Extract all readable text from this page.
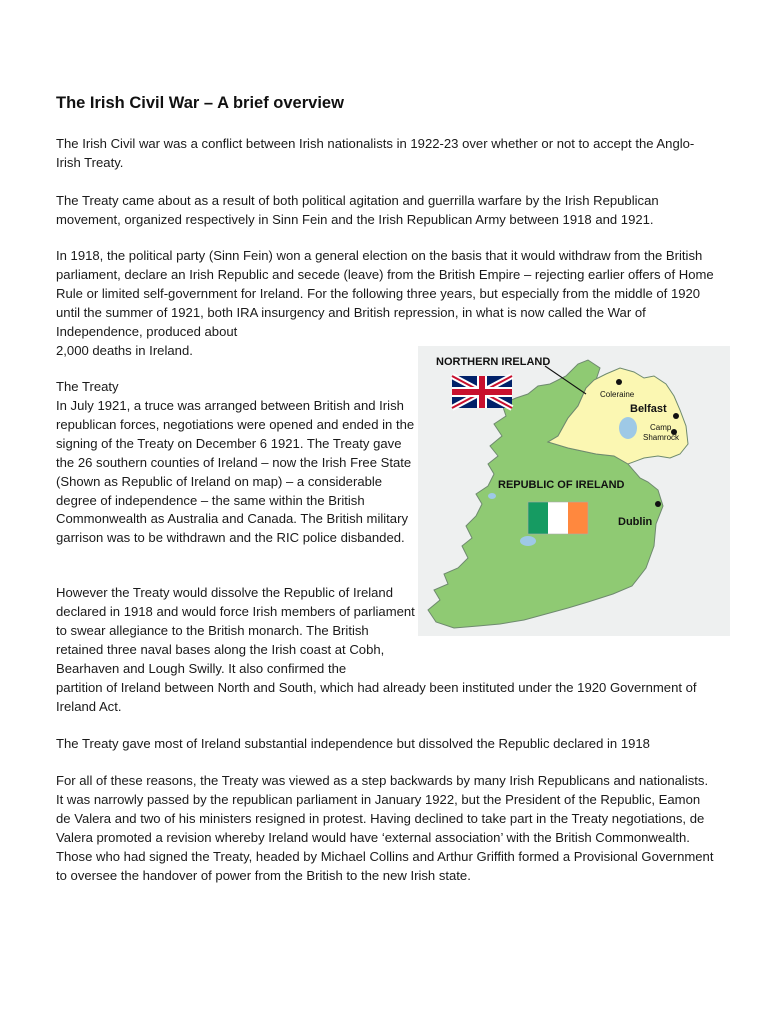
The Irish Civil War – A brief overview

The Irish Civil war was a conflict between Irish nationalists in 1922-23 over whether or not to accept the Anglo-Irish Treaty.

The Treaty came about as a result of both political agitation and guerrilla warfare by the Irish Republican movement, organized respectively in Sinn Fein and the Irish Republican Army between 1918 and 1921.

In 1918, the political party (Sinn Fein) won a general election on the basis that it would withdraw from the British parliament, declare an Irish Republic and secede (leave) from the British Empire – rejecting earlier offers of Home Rule or limited self-government for Ireland. For the following three years, but especially from the middle of 1920 until the summer of 1921, both IRA insurgency and British repression, in what is now called the War of Independence, produced about

2,000 deaths in Ireland.

The Treaty

In July 1921, a truce was arranged between British and Irish republican forces, negotiations were opened and ended in the signing of the Treaty on December 6 1921. The Treaty gave the 26 southern counties of Ireland – now the Irish Free State (Shown as Republic of Ireland on map) – a considerable degree of independence – the same within the British Commonwealth as Australia and Canada. The British military garrison was to be withdrawn and the RIC police disbanded.

However the Treaty would dissolve the Republic of Ireland declared in 1918 and would force Irish members of parliament to swear allegiance to the British monarch. The British retained three naval bases along the Irish coast at Cobh, Bearhaven and Lough Swilly. It also confirmed the

partition of Ireland between North and South, which had already been instituted under the 1920 Government of Ireland Act.

The Treaty gave most of Ireland substantial independence but dissolved the Republic declared in 1918

For all of these reasons, the Treaty was viewed as a step backwards by many Irish Republicans and nationalists. It was narrowly passed by the republican parliament in January 1922, but the President of the Republic, Eamon de Valera and two of his ministers resigned in protest. Having declined to take part in the Treaty negotiations, de Valera promoted a revision whereby Ireland would have ‘external association’ with the British Commonwealth. Those who had signed the Treaty, headed by Michael Collins and Arthur Griffith formed a Provisional Government to oversee the handover of power from the British to the new Irish state.

NORTHERN IRELAND
Coleraine
Belfast
Camp
Shamrock
REPUBLIC OF IRELAND
Dublin
